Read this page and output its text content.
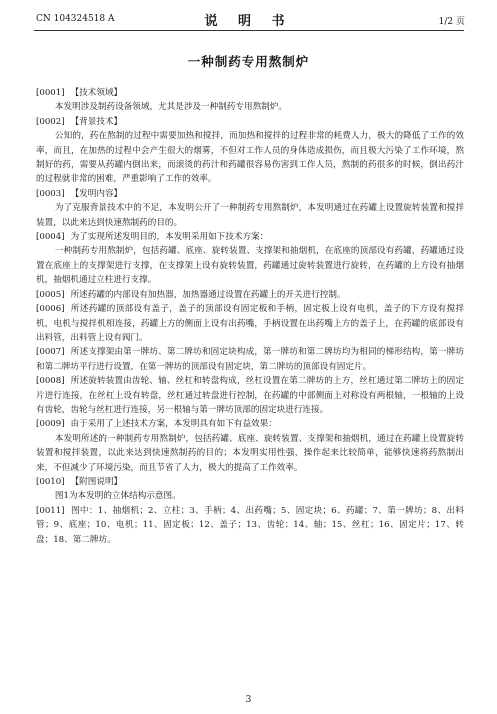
CN 104324518 A	说 明 书	1/2 页
一种制药专用熬制炉

[0001] 【技术领域】

本发明涉及制药设备领域，尤其是涉及一种制药专用熬制炉。

[0002] 【背景技术】

公知的，药在熬制的过程中需要加热和搅拌，而加热和搅拌的过程非常的耗费人力，极大的降低了工作的效率，而且，在加热的过程中会产生很大的烟雾，不但对工作人员的身体造成损伤，而且极大污染了工作环境，熬制好的药，需要从药罐内倒出来，而滚烫的药汁和药罐很容易伤害到工作人员，熬制的药很多的时候，倒出药汁的过程就非常的困难，严重影响了工作的效率。

[0003] 【发明内容】

为了克服背景技术中的不足，本发明公开了一种制药专用熬制炉，本发明通过在药罐上设置旋转装置和搅拌装置，以此来达到快速熬制药的目的。

[0004] 为了实现所述发明目的，本发明采用如下技术方案：

一种制药专用熬制炉，包括药罐、底座、旋转装置、支撑架和抽烟机，在底座的顶部设有药罐，药罐通过设置在底座上的支撑架进行支撑，在支撑架上设有旋转装置，药罐通过旋转装置进行旋转，在药罐的上方设有抽烟机，抽烟机通过立柱进行支撑。

[0005] 所述药罐的内部设有加热器，加热器通过设置在药罐上的开关进行控制。

[0006] 所述药罐的顶部设有盖子，盖子的顶部设有固定板和手柄，固定板上设有电机，盖子的下方设有搅拌机，电机与搅拌机相连接，药罐上方的侧面上设有出药嘴，手柄设置在出药嘴上方的盖子上，在药罐的底部设有出料管，出料管上设有阀门。

[0007] 所述支撑架由第一牌坊、第二牌坊和固定块构成，第一牌坊和第二牌坊均为相同的梯形结构，第一牌坊和第二牌坊平行进行设置，在第一牌坊的顶部设有固定块，第二牌坊的顶部设有固定片。

[0008] 所述旋转装置由齿轮、轴、丝杠和转盘构成，丝杠设置在第二牌坊的上方，丝杠通过第二牌坊上的固定片进行连接，在丝杠上设有转盘，丝杠通过转盘进行控制，在药罐的中部侧面上对称设有两根轴，一根轴的上设有齿轮，齿轮与丝杠进行连接，另一根轴与第一牌坊顶部的固定块进行连接。

[0009] 由于采用了上述技术方案，本发明具有如下有益效果：

本发明所述的一种制药专用熬制炉，包括药罐、底座、旋转装置、支撑架和抽烟机，通过在药罐上设置旋转装置和搅拌装置，以此来达到快速熬制药的目的；本发明实用性强，操作起来比较简单，能够快速将药熬制出来，不但减少了环境污染，而且节省了人力，极大的提高了工作效率。

[0010] 【附图说明】

图1为本发明的立体结构示意图。

[0011] 图中：1、抽烟机；2、立柱；3、手柄；4、出药嘴；5、固定块；6、药罐；7、第一牌坊；8、出料管；9、底座；10、电机；11、固定板；12、盖子；13、齿轮；14、轴；15、丝杠；16、固定片；17、转盘；18、第二牌坊。

3
